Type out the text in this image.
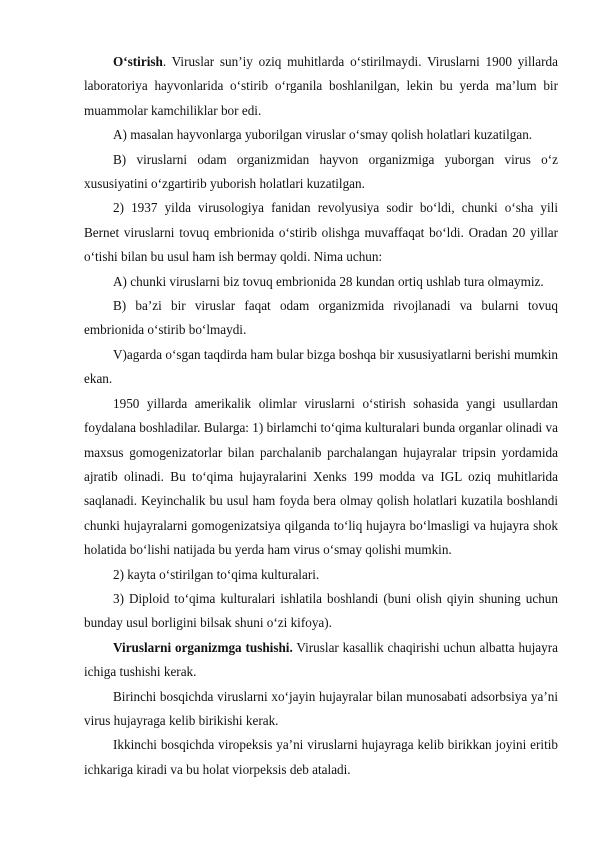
O‘stirish. Viruslar sun’iy oziq muhitlarda o‘stirilmaydi. Viruslarni 1900 yillarda laboratoriya hayvonlarida o‘stirib o‘rganila boshlanilgan, lekin bu yerda ma’lum bir muammolar kamchiliklar bor edi.

A) masalan hayvonlarga yuborilgan viruslar o‘smay qolish holatlari kuzatilgan.

B) viruslarni odam organizmidan hayvon organizmiga yuborgan virus o‘z xususiyatini o‘zgartirib yuborish holatlari kuzatilgan.

2) 1937 yilda virusologiya fanidan revolyusiya sodir bo‘ldi, chunki o‘sha yili Bernet viruslarni tovuq embrionida o‘stirib olishga muvaffaqat bo‘ldi. Oradan 20 yillar o‘tishi bilan bu usul ham ish bermay qoldi. Nima uchun:

A) chunki viruslarni biz tovuq embrionida 28 kundan ortiq ushlab tura olmaymiz.

B) ba’zi bir viruslar faqat odam organizmida rivojlanadi va bularni tovuq embrionida o‘stirib bo‘lmaydi.

V)agarda o‘sgan taqdirda ham bular bizga boshqa bir xususiyatlarni berishi mumkin ekan.

1950 yillarda amerikalik olimlar viruslarni o‘stirish sohasida yangi usullardan foydalana boshladilar. Bularga: 1) birlamchi to‘qima kulturalari bunda organlar olinadi va maxsus gomogenizatorlar bilan parchalanib parchalangan hujayralar tripsin yordamida ajratib olinadi. Bu to‘qima hujayralarini Xenks 199 modda va IGL oziq muhitlarida saqlanadi. Keyinchalik bu usul ham foyda bera olmay qolish holatlari kuzatila boshlandi chunki hujayralarni gomogenizatsiya qilganda to‘liq hujayra bo‘lmasligi va hujayra shok holatida bo‘lishi natijada bu yerda ham virus o‘smay qolishi mumkin.

2) kayta o‘stirilgan to‘qima kulturalari.

3) Diploid to‘qima kulturalari ishlatila boshlandi (buni olish qiyin shuning uchun bunday usul borligini bilsak shuni o‘zi kifoya).

Viruslarni organizmga tushishi. Viruslar kasallik chaqirishi uchun albatta hujayra ichiga tushishi kerak.

Birinchi bosqichda viruslarni xo‘jayin hujayralar bilan munosabati adsorbsiya ya’ni virus hujayraga kelib birikishi kerak.

Ikkinchi bosqichda viropeksis ya’ni viruslarni hujayraga kelib birikkan joyini eritib ichkariga kiradi va bu holat viorpeksis deb ataladi.
